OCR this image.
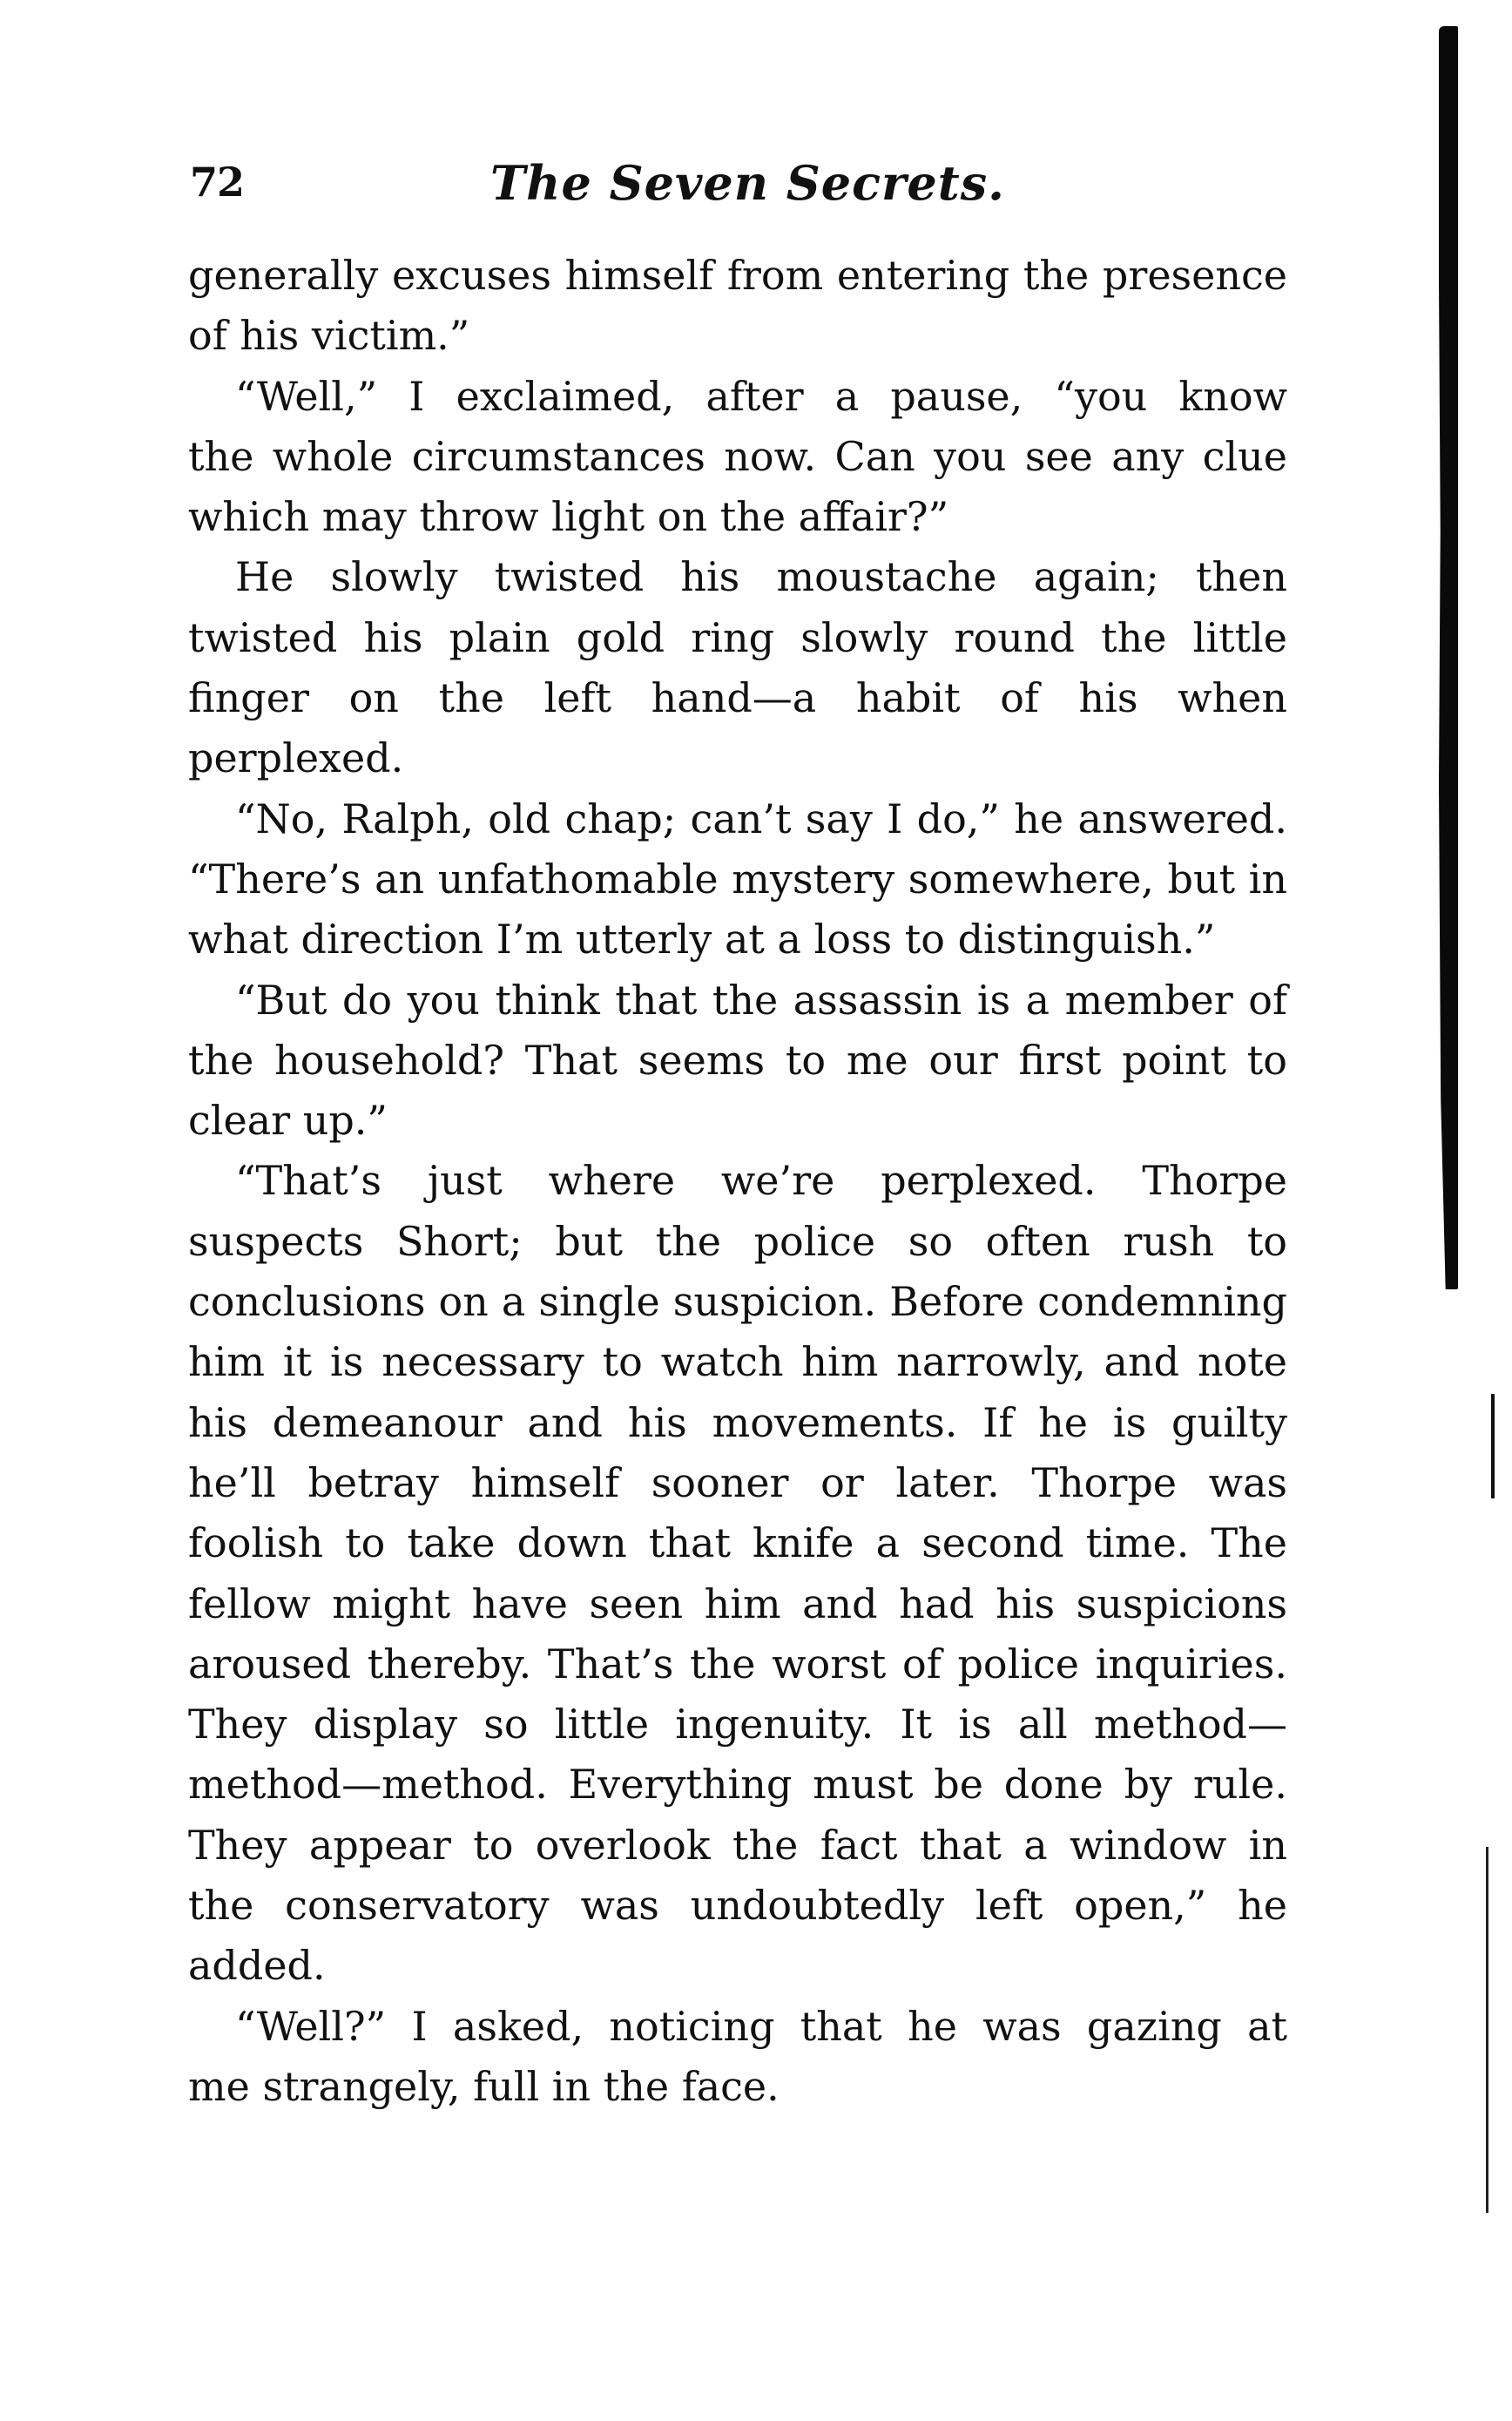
72	The Seven Secrets.
generally excuses himself from entering the presence
of his victim.”
“Well,” I exclaimed, after a pause, “you know
the whole circumstances now. Can you see any clue
which may throw light on the affair?”
He slowly twisted his moustache again; then
twisted his plain gold ring slowly round the little
finger on the left hand—a habit of his when
perplexed.
“No, Ralph, old chap; can’t say I do,” he answered.
“There’s an unfathomable mystery somewhere, but in
what direction I’m utterly at a loss to distinguish.”
“But do you think that the assassin is a member of
the household? That seems to me our first point to
clear up.”
“That’s just where we’re perplexed. Thorpe
suspects Short; but the police so often rush to
conclusions on a single suspicion. Before condemning
him it is necessary to watch him narrowly, and note
his demeanour and his movements. If he is guilty
he’ll betray himself sooner or later. Thorpe was
foolish to take down that knife a second time. The
fellow might have seen him and had his suspicions
aroused thereby. That’s the worst of police inquiries.
They display so little ingenuity. It is all method—
method—method. Everything must be done by rule.
They appear to overlook the fact that a window in
the conservatory was undoubtedly left open,” he
added.
“Well?” I asked, noticing that he was gazing at
me strangely, full in the face.
